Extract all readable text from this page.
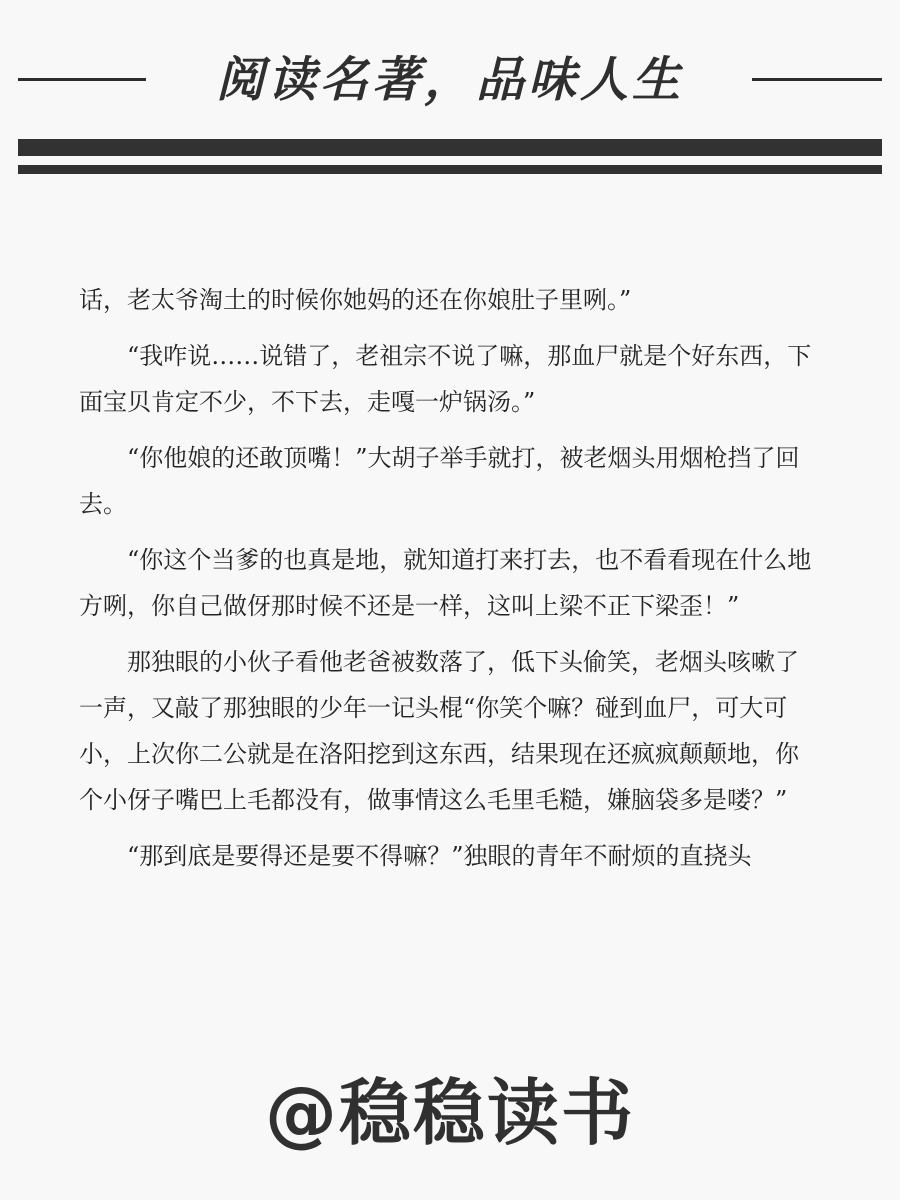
阅读名著，品味人生

话，老太爷淘土的时候你她妈的还在你娘肚子里咧。”

“我咋说……说错了，老祖宗不说了嘛，那血尸就是个好东西，下面宝贝肯定不少，不下去，走嘎一炉锅汤。”

“你他娘的还敢顶嘴！”大胡子举手就打，被老烟头用烟枪挡了回去。

“你这个当爹的也真是地，就知道打来打去，也不看看现在什么地方咧，你自己做伢那时候不还是一样，这叫上梁不正下梁歪！”

那独眼的小伙子看他老爸被数落了，低下头偷笑，老烟头咳嗽了一声，又敲了那独眼的少年一记头棍“你笑个嘛？碰到血尸，可大可小，上次你二公就是在洛阳挖到这东西，结果现在还疯疯颠颠地，你个小伢子嘴巴上毛都没有，做事情这么毛里毛糙，嫌脑袋多是喽？”

“那到底是要得还是要不得嘛？”独眼的青年不耐烦的直挠头

@稳稳读书
